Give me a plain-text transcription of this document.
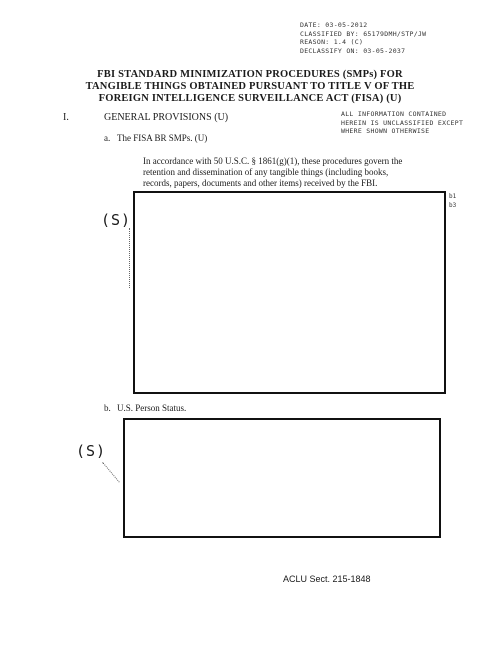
DATE: 03-05-2012
CLASSIFIED BY: 65179DMH/STP/JW
REASON: 1.4 (C)
DECLASSIFY ON: 03-05-2037
FBI STANDARD MINIMIZATION PROCEDURES (SMPs) FOR
TANGIBLE THINGS OBTAINED PURSUANT TO TITLE V OF THE
FOREIGN INTELLIGENCE SURVEILLANCE ACT (FISA) (U)
I.	GENERAL PROVISIONS (U)	ALL INFORMATION CONTAINED
HEREIN IS UNCLASSIFIED EXCEPT
WHERE SHOWN OTHERWISE
a. The FISA BR SMPs. (U)
In accordance with 50 U.S.C. § 1861(g)(1), these procedures govern the
retention and dissemination of any tangible things (including books,
records, papers, documents and other items) received by the FBI.
b1
b3
(S)
b. U.S. Person Status.
(S)
ACLU Sect. 215-1848
